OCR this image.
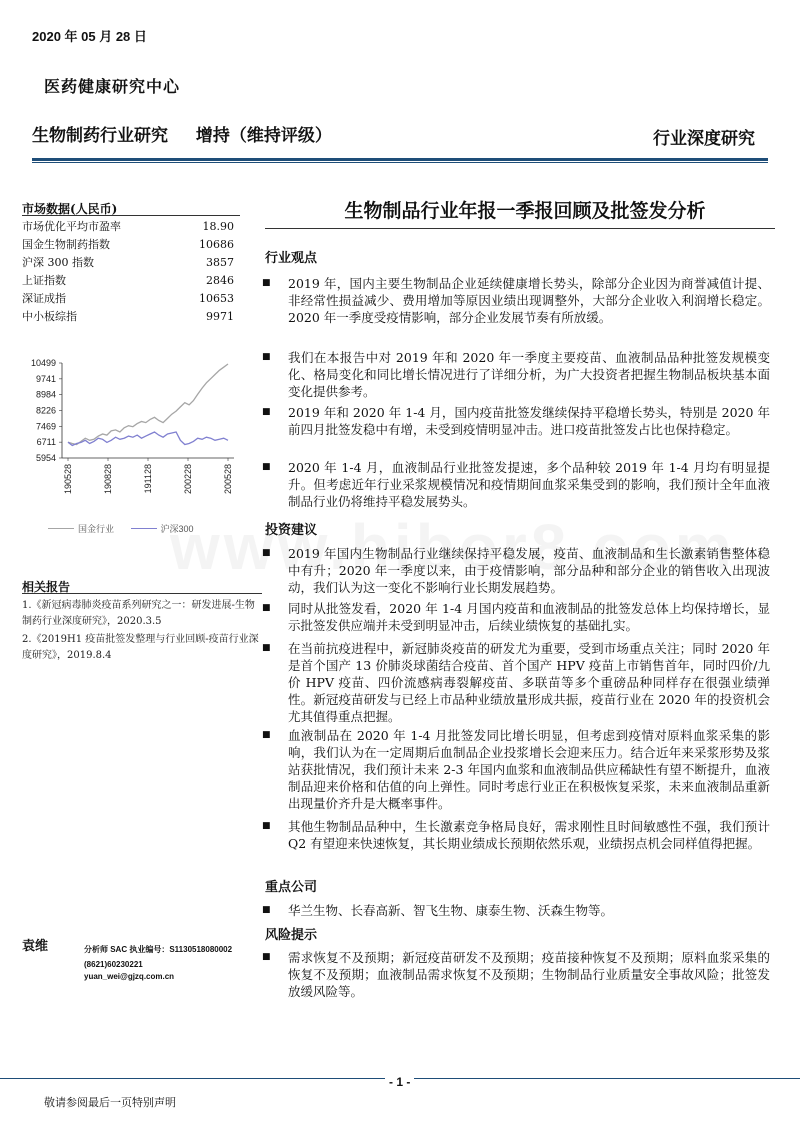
2020 年 05 月 28 日
医药健康研究中心
生物制药行业研究 增持（维持评级）	行业深度研究
市场数据(人民币)
市场优化平均市盈率	18.90
国金生物制药指数	10686
沪深 300 指数	3857
上证指数	2846
深证成指	10653
中小板综指	9971
10499
9741
8984
8226
7469
6711
5954
190528	190828	191128	200228	200528
国金行业
	沪深300
相关报告
1.《新冠病毒肺炎疫苗系列研究之一：研发进展-生物制药行业深度研究》，2020.3.5
2.《2019H1 疫苗批签发整理与行业回顾-疫苗行业深度研究》，2019.8.4
袁维	分析师 SAC 执业编号：S1130518080002
(8621)60230221
yuan_wei@gjzq.com.cn
生物制品行业年报一季报回顾及批签发分析
行业观点
■ 2019 年，国内主要生物制品企业延续健康增长势头，除部分企业因为商誉减值计提、非经常性损益减少、费用增加等原因业绩出现调整外，大部分企业收入利润增长稳定。2020 年一季度受疫情影响，部分企业发展节奏有所放缓。
■ 我们在本报告中对 2019 年和 2020 年一季度主要疫苗、血液制品品种批签发规模变化、格局变化和同比增长情况进行了详细分析，为广大投资者把握生物制品板块基本面变化提供参考。
■ 2019 年和 2020 年 1-4 月，国内疫苗批签发继续保持平稳增长势头，特别是 2020 年前四月批签发稳中有增，未受到疫情明显冲击。进口疫苗批签发占比也保持稳定。
■ 2020 年 1-4 月，血液制品行业批签发提速，多个品种较 2019 年 1-4 月均有明显提升。但考虑近年行业采浆规模情况和疫情期间血浆采集受到的影响，我们预计全年血液制品行业仍将维持平稳发展势头。
投资建议
■ 2019 年国内生物制品行业继续保持平稳发展，疫苗、血液制品和生长激素销售整体稳中有升；2020 年一季度以来，由于疫情影响，部分品种和部分企业的销售收入出现波动，我们认为这一变化不影响行业长期发展趋势。
■ 同时从批签发看，2020 年 1-4 月国内疫苗和血液制品的批签发总体上均保持增长，显示批签发供应端并未受到明显冲击，后续业绩恢复的基础扎实。
■ 在当前抗疫进程中，新冠肺炎疫苗的研发尤为重要，受到市场重点关注；同时 2020 年是首个国产 13 价肺炎球菌结合疫苗、首个国产 HPV 疫苗上市销售首年，同时四价/九价 HPV 疫苗、四价流感病毒裂解疫苗、多联苗等多个重磅品种同样存在很强业绩弹性。新冠疫苗研发与已经上市品种业绩放量形成共振，疫苗行业在 2020 年的投资机会尤其值得重点把握。
■ 血液制品在 2020 年 1-4 月批签发同比增长明显，但考虑到疫情对原料血浆采集的影响，我们认为在一定周期后血制品企业投浆增长会迎来压力。结合近年来采浆形势及浆站获批情况，我们预计未来 2-3 年国内血浆和血液制品供应稀缺性有望不断提升，血液制品迎来价格和估值的向上弹性。同时考虑行业正在积极恢复采浆，未来血液制品重新出现量价齐升是大概率事件。
■ 其他生物制品品种中，生长激素竞争格局良好，需求刚性且时间敏感性不强，我们预计 Q2 有望迎来快速恢复，其长期业绩成长预期依然乐观，业绩拐点机会同样值得把握。
重点公司
■ 华兰生物、长春高新、智飞生物、康泰生物、沃森生物等。
风险提示
■ 需求恢复不及预期；新冠疫苗研发不及预期；疫苗接种恢复不及预期；原料血浆采集的恢复不及预期；血液制品需求恢复不及预期；生物制品行业质量安全事故风险；批签发放缓风险等。
- 1 -
敬请参阅最后一页特别声明
